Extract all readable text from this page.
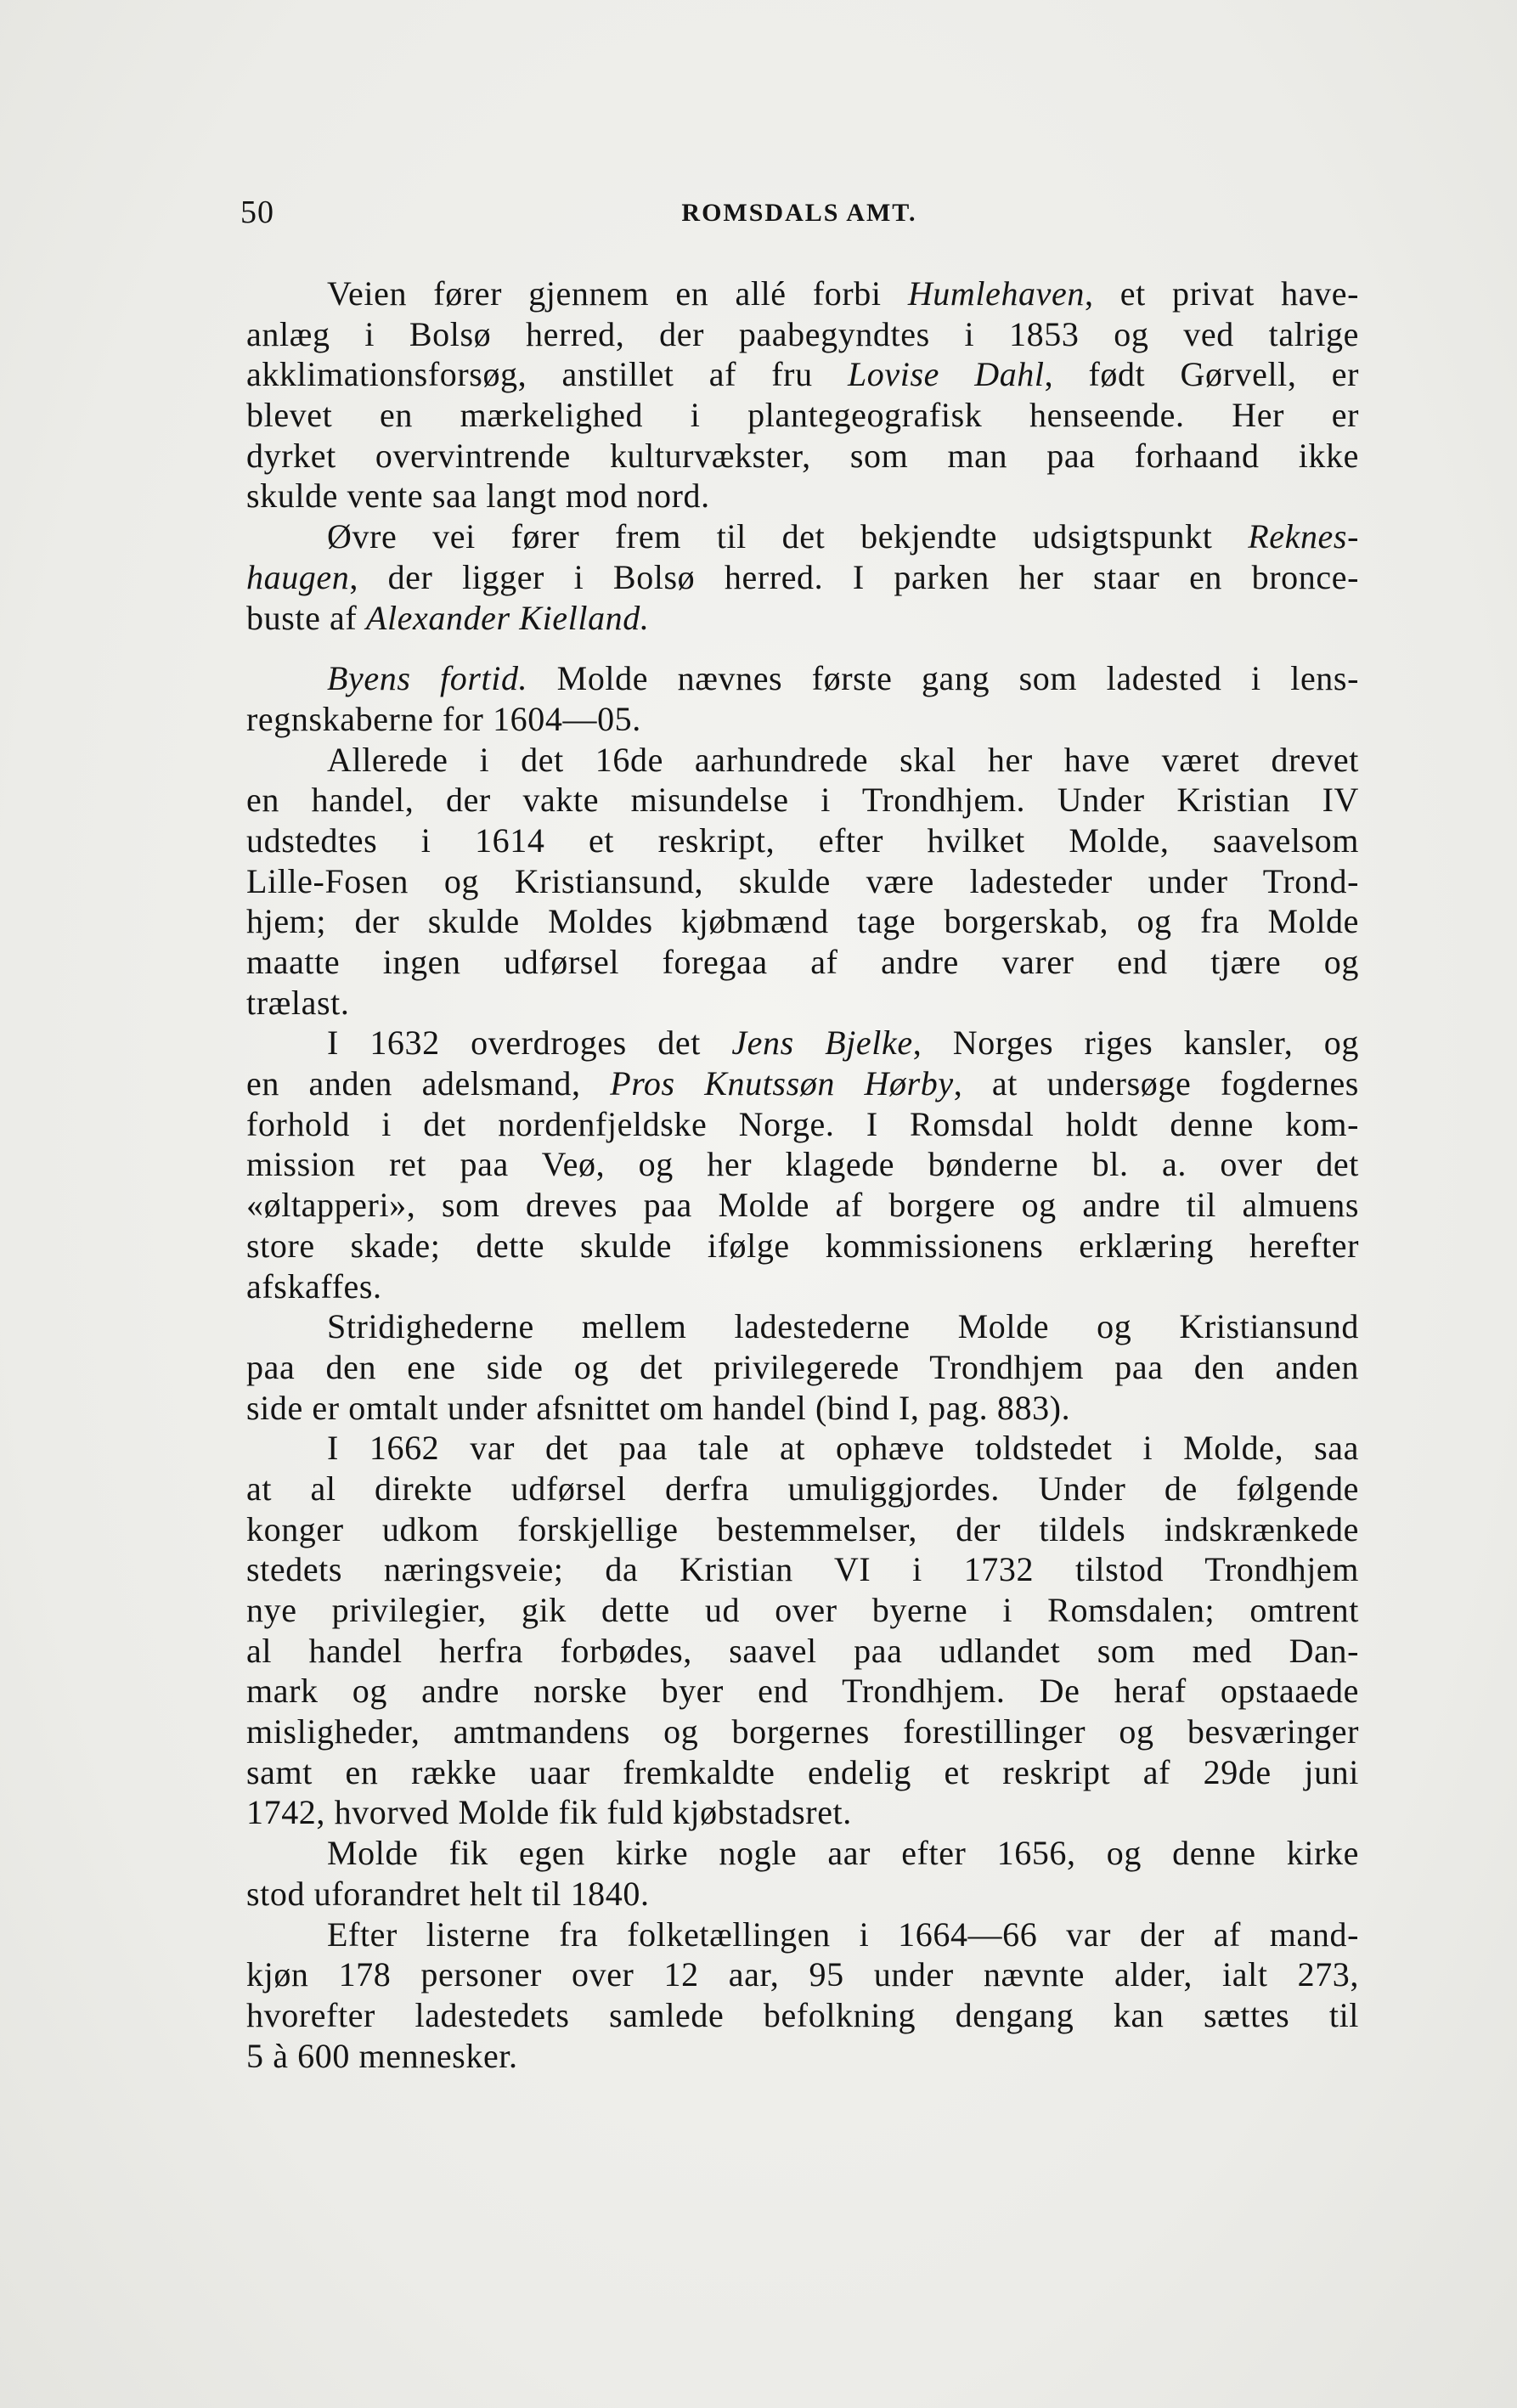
50	ROMSDALS AMT.
Veien fører gjennem en allé forbi Humlehaven, et privat have-
anlæg i Bolsø herred, der paabegyndtes i 1853 og ved talrige
akklimationsforsøg, anstillet af fru Lovise Dahl, født Gørvell, er
blevet en mærkelighed i plantegeografisk henseende. Her er
dyrket overvintrende kulturvækster, som man paa forhaand ikke
skulde vente saa langt mod nord.
Øvre vei fører frem til det bekjendte udsigtspunkt Reknes-
haugen, der ligger i Bolsø herred. I parken her staar en bronce-
buste af Alexander Kielland.
Byens fortid. Molde nævnes første gang som ladested i lens-
regnskaberne for 1604—05.
Allerede i det 16de aarhundrede skal her have været drevet
en handel, der vakte misundelse i Trondhjem. Under Kristian IV
udstedtes i 1614 et reskript, efter hvilket Molde, saavelsom
Lille-Fosen og Kristiansund, skulde være ladesteder under Trond-
hjem; der skulde Moldes kjøbmænd tage borgerskab, og fra Molde
maatte ingen udførsel foregaa af andre varer end tjære og
trælast.
I 1632 overdroges det Jens Bjelke, Norges riges kansler, og
en anden adelsmand, Pros Knutssøn Hørby, at undersøge fogdernes
forhold i det nordenfjeldske Norge. I Romsdal holdt denne kom-
mission ret paa Veø, og her klagede bønderne bl. a. over det
«øltapperi», som dreves paa Molde af borgere og andre til almuens
store skade; dette skulde ifølge kommissionens erklæring herefter
afskaffes.
Stridighederne mellem ladestederne Molde og Kristiansund
paa den ene side og det privilegerede Trondhjem paa den anden
side er omtalt under afsnittet om handel (bind I, pag. 883).
I 1662 var det paa tale at ophæve toldstedet i Molde, saa
at al direkte udførsel derfra umuliggjordes. Under de følgende
konger udkom forskjellige bestemmelser, der tildels indskrænkede
stedets næringsveie; da Kristian VI i 1732 tilstod Trondhjem
nye privilegier, gik dette ud over byerne i Romsdalen; omtrent
al handel herfra forbødes, saavel paa udlandet som med Dan-
mark og andre norske byer end Trondhjem. De heraf opstaaede
misligheder, amtmandens og borgernes forestillinger og besværinger
samt en række uaar fremkaldte endelig et reskript af 29de juni
1742, hvorved Molde fik fuld kjøbstadsret.
Molde fik egen kirke nogle aar efter 1656, og denne kirke
stod uforandret helt til 1840.
Efter listerne fra folketællingen i 1664—66 var der af mand-
kjøn 178 personer over 12 aar, 95 under nævnte alder, ialt 273,
hvorefter ladestedets samlede befolkning dengang kan sættes til
5 à 600 mennesker.
